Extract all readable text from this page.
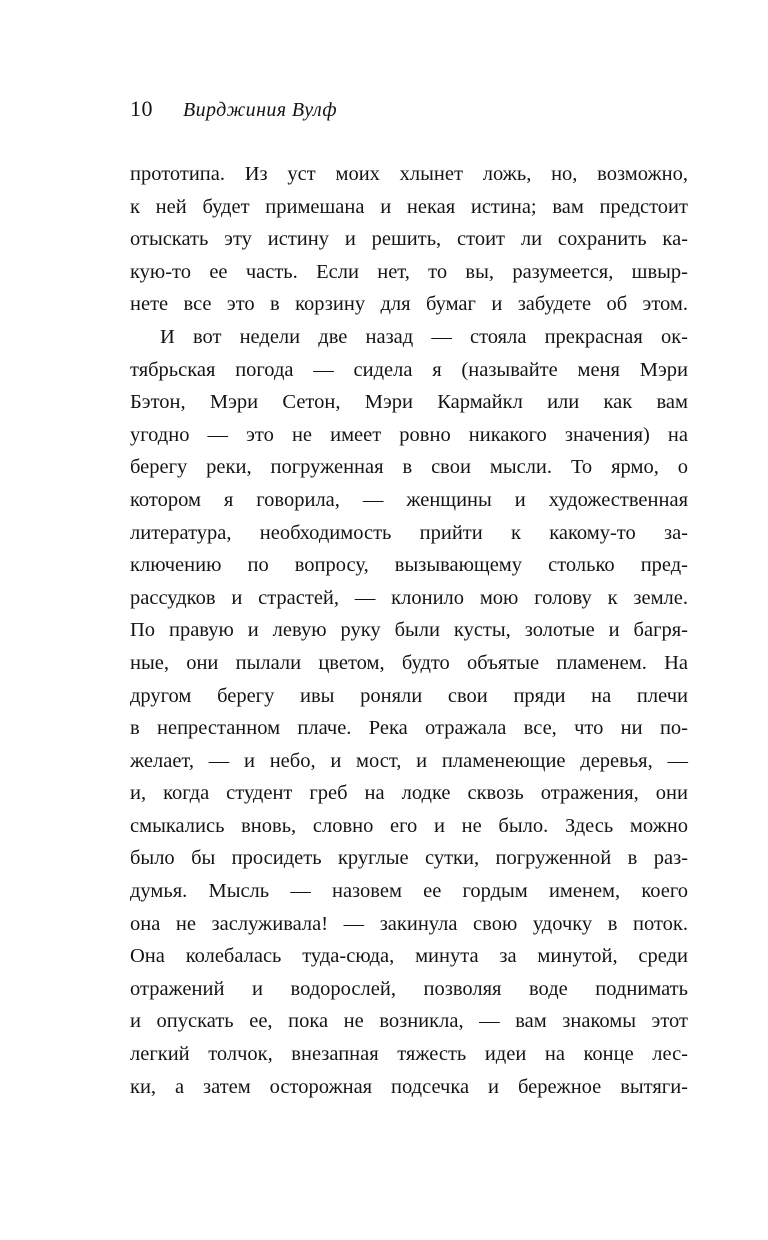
10 Вирджиния Вулф
прототипа. Из уст моих хлынет ложь, но, возможно,
к ней будет примешана и некая истина; вам предстоит
отыскать эту истину и решить, стоит ли сохранить ка-
кую-то ее часть. Если нет, то вы, разумеется, швыр-
нете все это в корзину для бумаг и забудете об этом.
И вот недели две назад — стояла прекрасная ок-
тябрьская погода — сидела я (называйте меня Мэри
Бэтон, Мэри Сетон, Мэри Кармайкл или как вам
угодно — это не имеет ровно никакого значения) на
берегу реки, погруженная в свои мысли. То ярмо, о
котором я говорила, — женщины и художественная
литература, необходимость прийти к какому-то за-
ключению по вопросу, вызывающему столько пред-
рассудков и страстей, — клонило мою голову к земле.
По правую и левую руку были кусты, золотые и багря-
ные, они пылали цветом, будто объятые пламенем. На
другом берегу ивы роняли свои пряди на плечи
в непрестанном плаче. Река отражала все, что ни по-
желает, — и небо, и мост, и пламенеющие деревья, —
и, когда студент греб на лодке сквозь отражения, они
смыкались вновь, словно его и не было. Здесь можно
было бы просидеть круглые сутки, погруженной в раз-
думья. Мысль — назовем ее гордым именем, коего
она не заслуживала! — закинула свою удочку в поток.
Она колебалась туда-сюда, минута за минутой, среди
отражений и водорослей, позволяя воде поднимать
и опускать ее, пока не возникла, — вам знакомы этот
легкий толчок, внезапная тяжесть идеи на конце лес-
ки, а затем осторожная подсечка и бережное вытяги-
